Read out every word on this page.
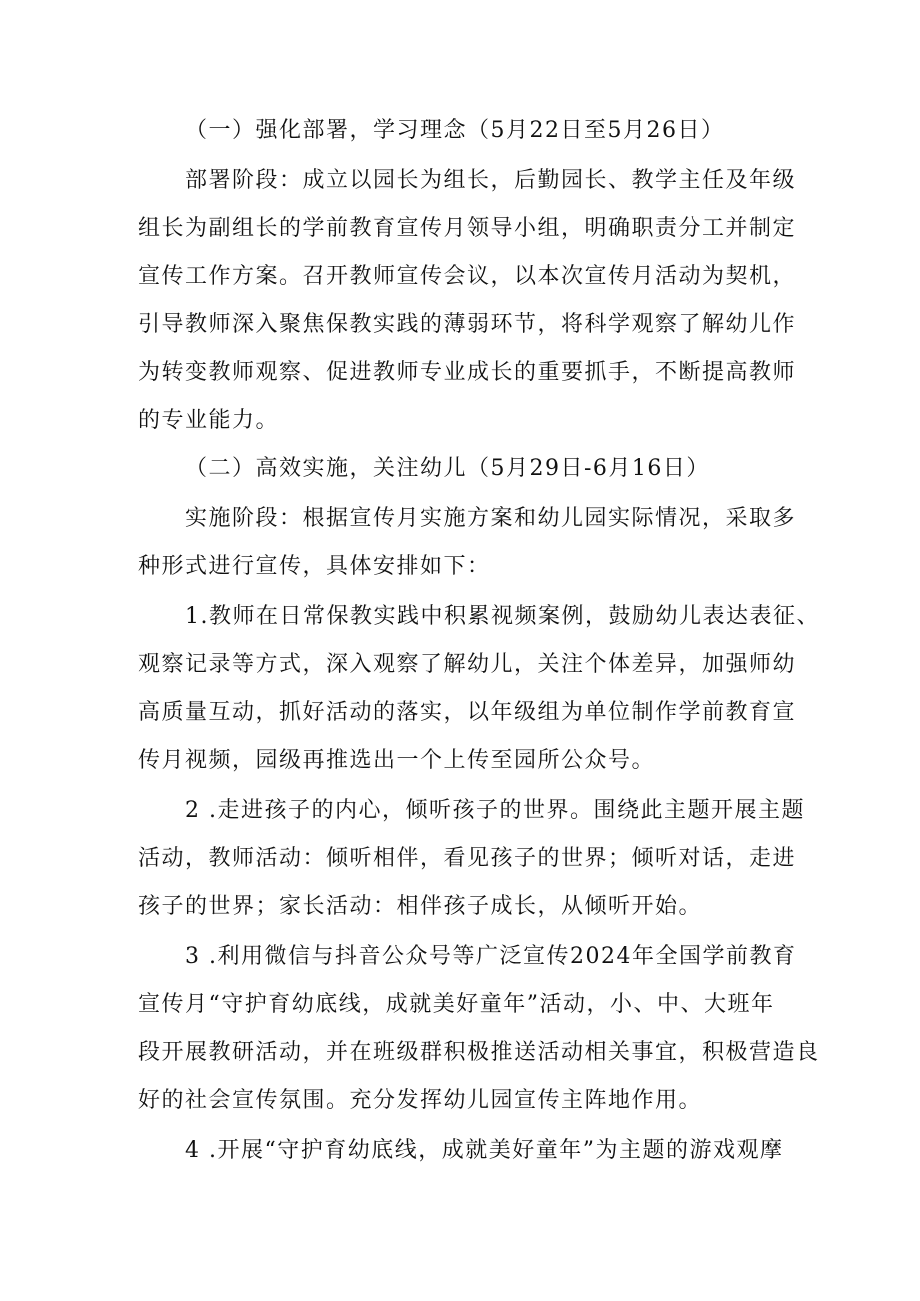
（一）强化部署，学习理念（5月22日至5月26日）
部署阶段：成立以园长为组长，后勤园长、教学主任及年级
组长为副组长的学前教育宣传月领导小组，明确职责分工并制定
宣传工作方案。召开教师宣传会议，以本次宣传月活动为契机，
引导教师深入聚焦保教实践的薄弱环节，将科学观察了解幼儿作
为转变教师观察、促进教师专业成长的重要抓手，不断提高教师
的专业能力。
（二）高效实施，关注幼儿（5月29日-6月16日）
实施阶段：根据宣传月实施方案和幼儿园实际情况，采取多
种形式进行宣传，具体安排如下：
1.教师在日常保教实践中积累视频案例，鼓励幼儿表达表征、
观察记录等方式，深入观察了解幼儿，关注个体差异，加强师幼
高质量互动，抓好活动的落实，以年级组为单位制作学前教育宣
传月视频，园级再推选出一个上传至园所公众号。
2 .走进孩子的内心，倾听孩子的世界。围绕此主题开展主题
活动，教师活动：倾听相伴，看见孩子的世界；倾听对话，走进
孩子的世界；家长活动：相伴孩子成长，从倾听开始。
3 .利用微信与抖音公众号等广泛宣传2024年全国学前教育
宣传月“守护育幼底线，成就美好童年”活动，小、中、大班年
段开展教研活动，并在班级群积极推送活动相关事宜，积极营造良
好的社会宣传氛围。充分发挥幼儿园宣传主阵地作用。
4 .开展“守护育幼底线，成就美好童年”为主题的游戏观摩
